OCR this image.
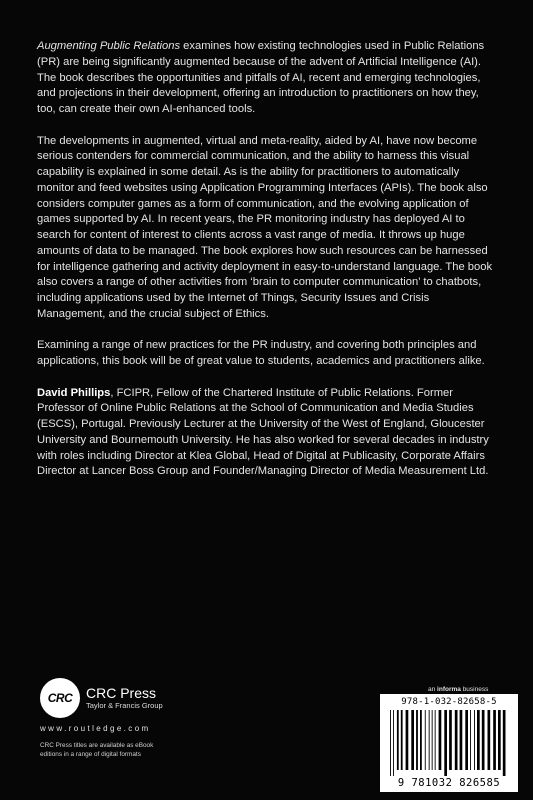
Augmenting Public Relations examines how existing technologies used in Public Relations (PR) are being significantly augmented because of the advent of Artificial Intelligence (AI). The book describes the opportunities and pitfalls of AI, recent and emerging technologies, and projections in their development, offering an introduction to practitioners on how they, too, can create their own AI-enhanced tools.

The developments in augmented, virtual and meta-reality, aided by AI, have now become serious contenders for commercial communication, and the ability to harness this visual capability is explained in some detail. As is the ability for practitioners to automatically monitor and feed websites using Application Programming Interfaces (APIs). The book also considers computer games as a form of communication, and the evolving application of games supported by AI. In recent years, the PR monitoring industry has deployed AI to search for content of interest to clients across a vast range of media. It throws up huge amounts of data to be managed. The book explores how such resources can be harnessed for intelligence gathering and activity deployment in easy-to-understand language. The book also covers a range of other activities from ‘brain to computer communication’ to chatbots, including applications used by the Internet of Things, Security Issues and Crisis Management, and the crucial subject of Ethics.

Examining a range of new practices for the PR industry, and covering both principles and applications, this book will be of great value to students, academics and practitioners alike.

David Phillips, FCIPR, Fellow of the Chartered Institute of Public Relations. Former Professor of Online Public Relations at the School of Communication and Media Studies (ESCS), Portugal. Previously Lecturer at the University of the West of England, Gloucester University and Bournemouth University. He has also worked for several decades in industry with roles including Director at Klea Global, Head of Digital at Publicasity, Corporate Affairs Director at Lancer Boss Group and Founder/Managing Director of Media Measurement Ltd.

CRC CRC Press
Taylor & Francis Group
www.routledge.com
CRC Press titles are available as eBook editions in a range of digital formats
an informa business
978-1-032-82658-5
9 781032 826585
